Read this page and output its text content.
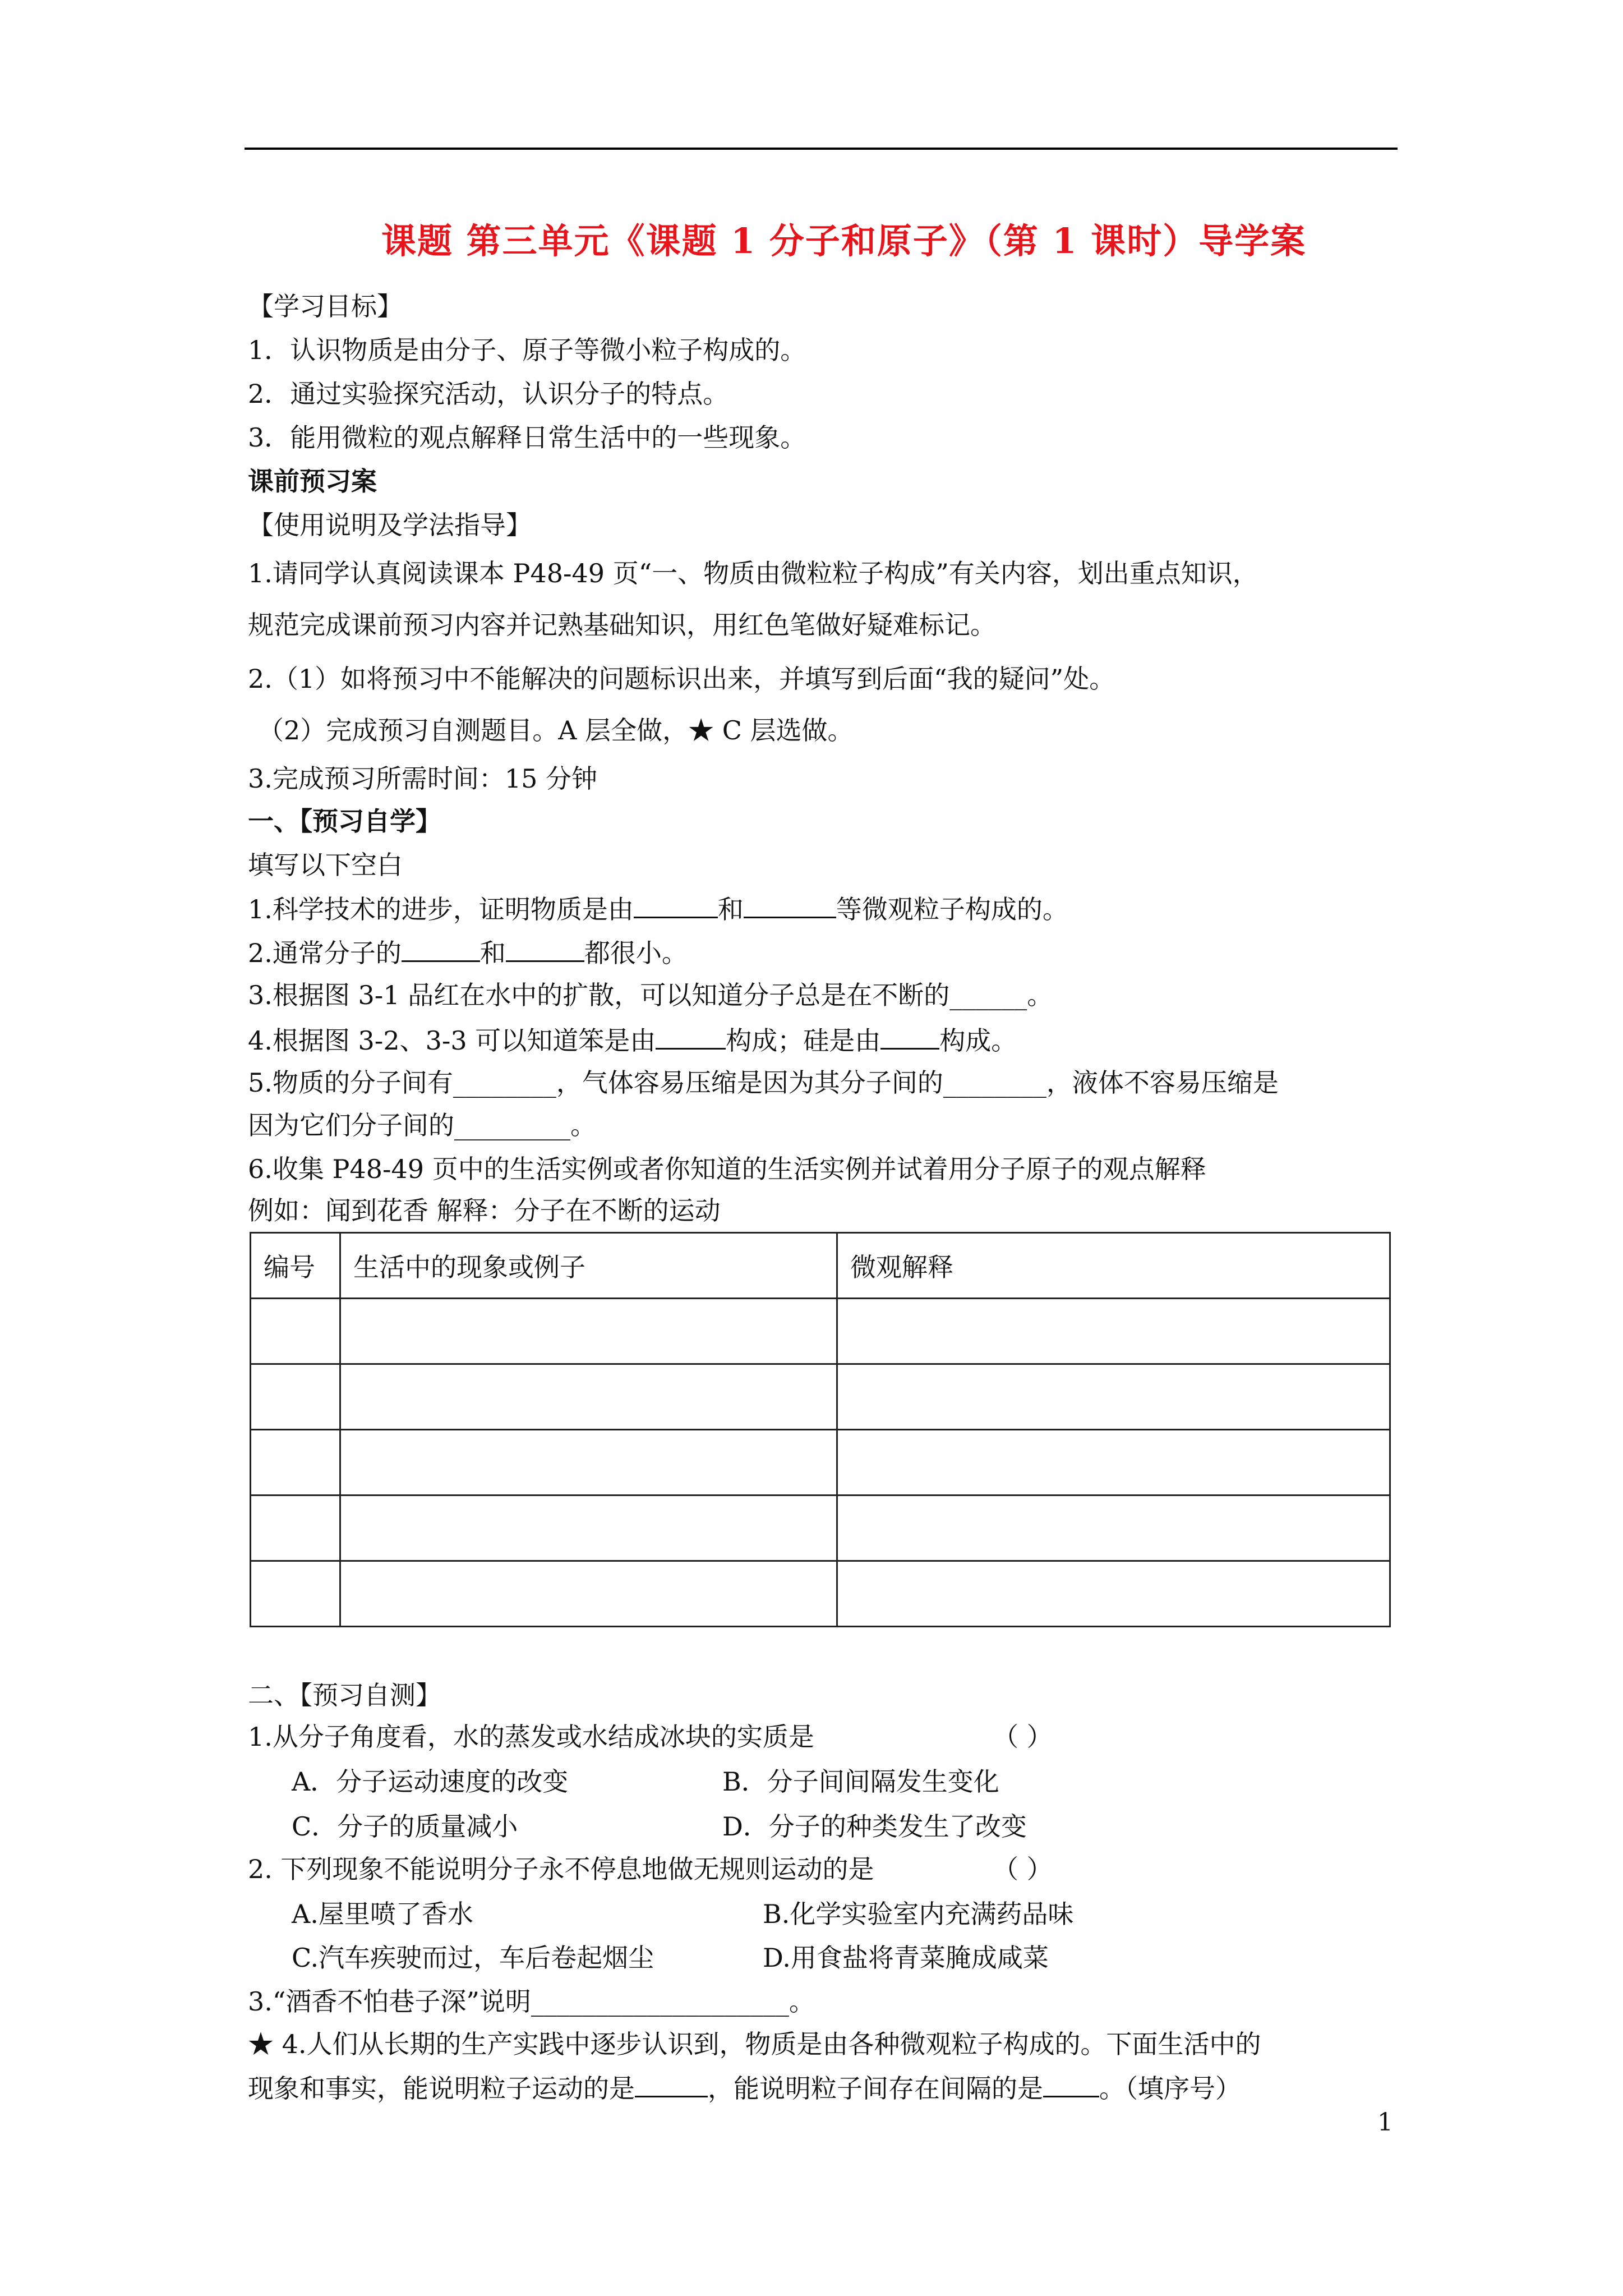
课题 第三单元《课题 1 分子和原子》（第 1 课时）导学案
【学习目标】
1．认识物质是由分子、原子等微小粒子构成的。
2．通过实验探究活动，认识分子的特点。
3．能用微粒的观点解释日常生活中的一些现象。
课前预习案
【使用说明及学法指导】
1.请同学认真阅读课本 P48-49 页“一、物质由微粒粒子构成”有关内容，划出重点知识，
规范完成课前预习内容并记熟基础知识，用红色笔做好疑难标记。
2.（1）如将预习中不能解决的问题标识出来，并填写到后面“我的疑问”处。
（2）完成预习自测题目。A 层全做，★ C 层选做。
3.完成预习所需时间：15 分钟
一、【预习自学】
填写以下空白
1.科学技术的进步，证明物质是由	和	等微观粒子构成的。
2.通常分子的	和	都很小。
3.根据图 3-1 品红在水中的扩散，可以知道分子总是在不断的______。
4.根据图 3-2、3-3 可以知道笨是由	构成；硅是由 构成。
5.物质的分子间有________，气体容易压缩是因为其分子间的________，液体不容易压缩是
因为它们分子间的_________。
6.收集 P48-49 页中的生活实例或者你知道的生活实例并试着用分子原子的观点解释
例如：闻到花香 解释：分子在不断的运动
编号	生活中的现象或例子	微观解释

二、【预习自测】
1.从分子角度看，水的蒸发或水结成冰块的实质是	（ ）
A．分子运动速度的改变	B．分子间间隔发生变化
C．分子的质量减小	D．分子的种类发生了改变
2. 下列现象不能说明分子永不停息地做无规则运动的是	（ ）
A.屋里喷了香水	B.化学实验室内充满药品味
C.汽车疾驶而过，车后卷起烟尘	D.用食盐将青菜腌成咸菜
3.“酒香不怕巷子深”说明____________________。
★ 4.人们从长期的生产实践中逐步认识到，物质是由各种微观粒子构成的。下面生活中的
现象和事实，能说明粒子运动的是	，能说明粒子间存在间隔的是 。（填序号）
1
